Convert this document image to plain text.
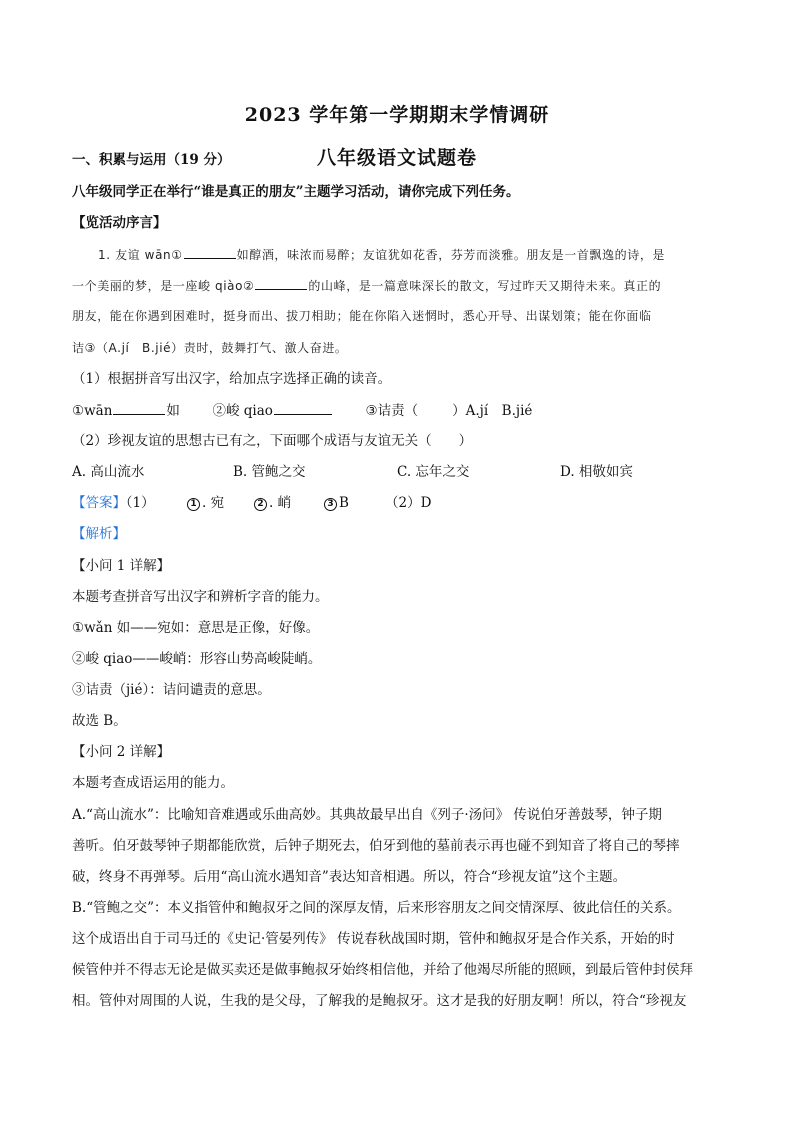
2023 学年第一学期期末学情调研
八年级语文试题卷
一、积累与运用（19 分）
八年级同学正在举行“谁是真正的朋友”主题学习活动，请你完成下列任务。
【览活动序言】
1. 友谊 wān①	如醇酒，味浓而易醉；友谊犹如花香，芬芳而淡雅。朋友是一首飘逸的诗，是
一个美丽的梦，是一座峻 qiào②	的山峰，是一篇意味深长的散文，写过昨天又期待未来。真正的
朋友，能在你遇到困难时，挺身而出、拔刀相助；能在你陷入迷惘时，悉心开导、出谋划策；能在你面临
诘③（A.jí　B.jié）责时，鼓舞打气、激人奋进。
（1）根据拼音写出汉字，给加点字选择正确的读音。
①wān	如 ②峻 qiao	③诘责（	）A.jí　B.jié
（2）珍视友谊的思想古已有之，下面哪个成语与友谊无关（　　）
A. 高山流水	B. 管鲍之交	C. 忘年之交	D. 相敬如宾
【答案】
（1）	1 . 宛	2 . 峭	3 B	（2）D
【解析】
【小问 1 详解】
本题考查拼音写出汉字和辨析字音的能力。
①wǎn 如——宛如：意思是正像，好像。
②峻 qiao——峻峭：形容山势高峻陡峭。
③诘责（jié）：诘问谴责的意思。
故选 B。
【小问 2 详解】
本题考查成语运用的能力。
A.“高山流水”：比喻知音难遇或乐曲高妙。其典故最早出自《列子·汤问》 传说伯牙善鼓琴，钟子期
善听。伯牙鼓琴钟子期都能欣赏，后钟子期死去，伯牙到他的墓前表示再也碰不到知音了将自己的琴摔
破，终身不再弹琴。后用“高山流水遇知音”表达知音相遇。所以，符合“珍视友谊”这个主题。
B.“管鲍之交”：本义指管仲和鲍叔牙之间的深厚友情，后来形容朋友之间交情深厚、彼此信任的关系。
这个成语出自于司马迁的《史记·管晏列传》 传说春秋战国时期，管仲和鲍叔牙是合作关系，开始的时
候管仲并不得志无论是做买卖还是做事鲍叔牙始终相信他，并给了他竭尽所能的照顾，到最后管仲封侯拜
相。管仲对周围的人说，生我的是父母，了解我的是鲍叔牙。这才是我的好朋友啊！所以，符合“珍视友
